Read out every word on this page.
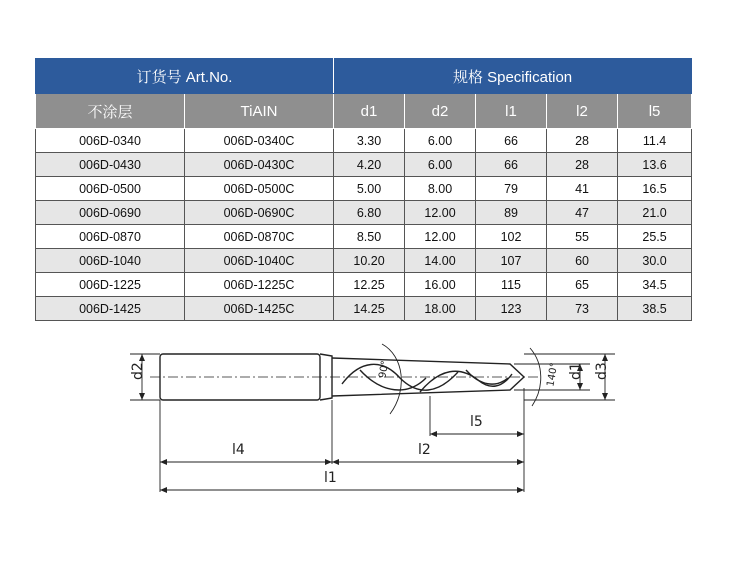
订货号 Art.No.		规格 Specification				
不涂层	TiAIN	d1	d2	l1	l2	l5
006D-0340	006D-0340C	3.30	6.00	66	28	11.4
006D-0430	006D-0430C	4.20	6.00	66	28	13.6
006D-0500	006D-0500C	5.00	8.00	79	41	16.5
006D-0690	006D-0690C	6.80	12.00	89	47	21.0
006D-0870	006D-0870C	8.50	12.00	102	55	25.5
006D-1040	006D-1040C	10.20	14.00	107	60	30.0
006D-1225	006D-1225C	12.25	16.00	115	65	34.5
006D-1425	006D-1425C	14.25	18.00	123	73	38.5
d2	90°	140° d1 d3
l5
l4	l2
l1
